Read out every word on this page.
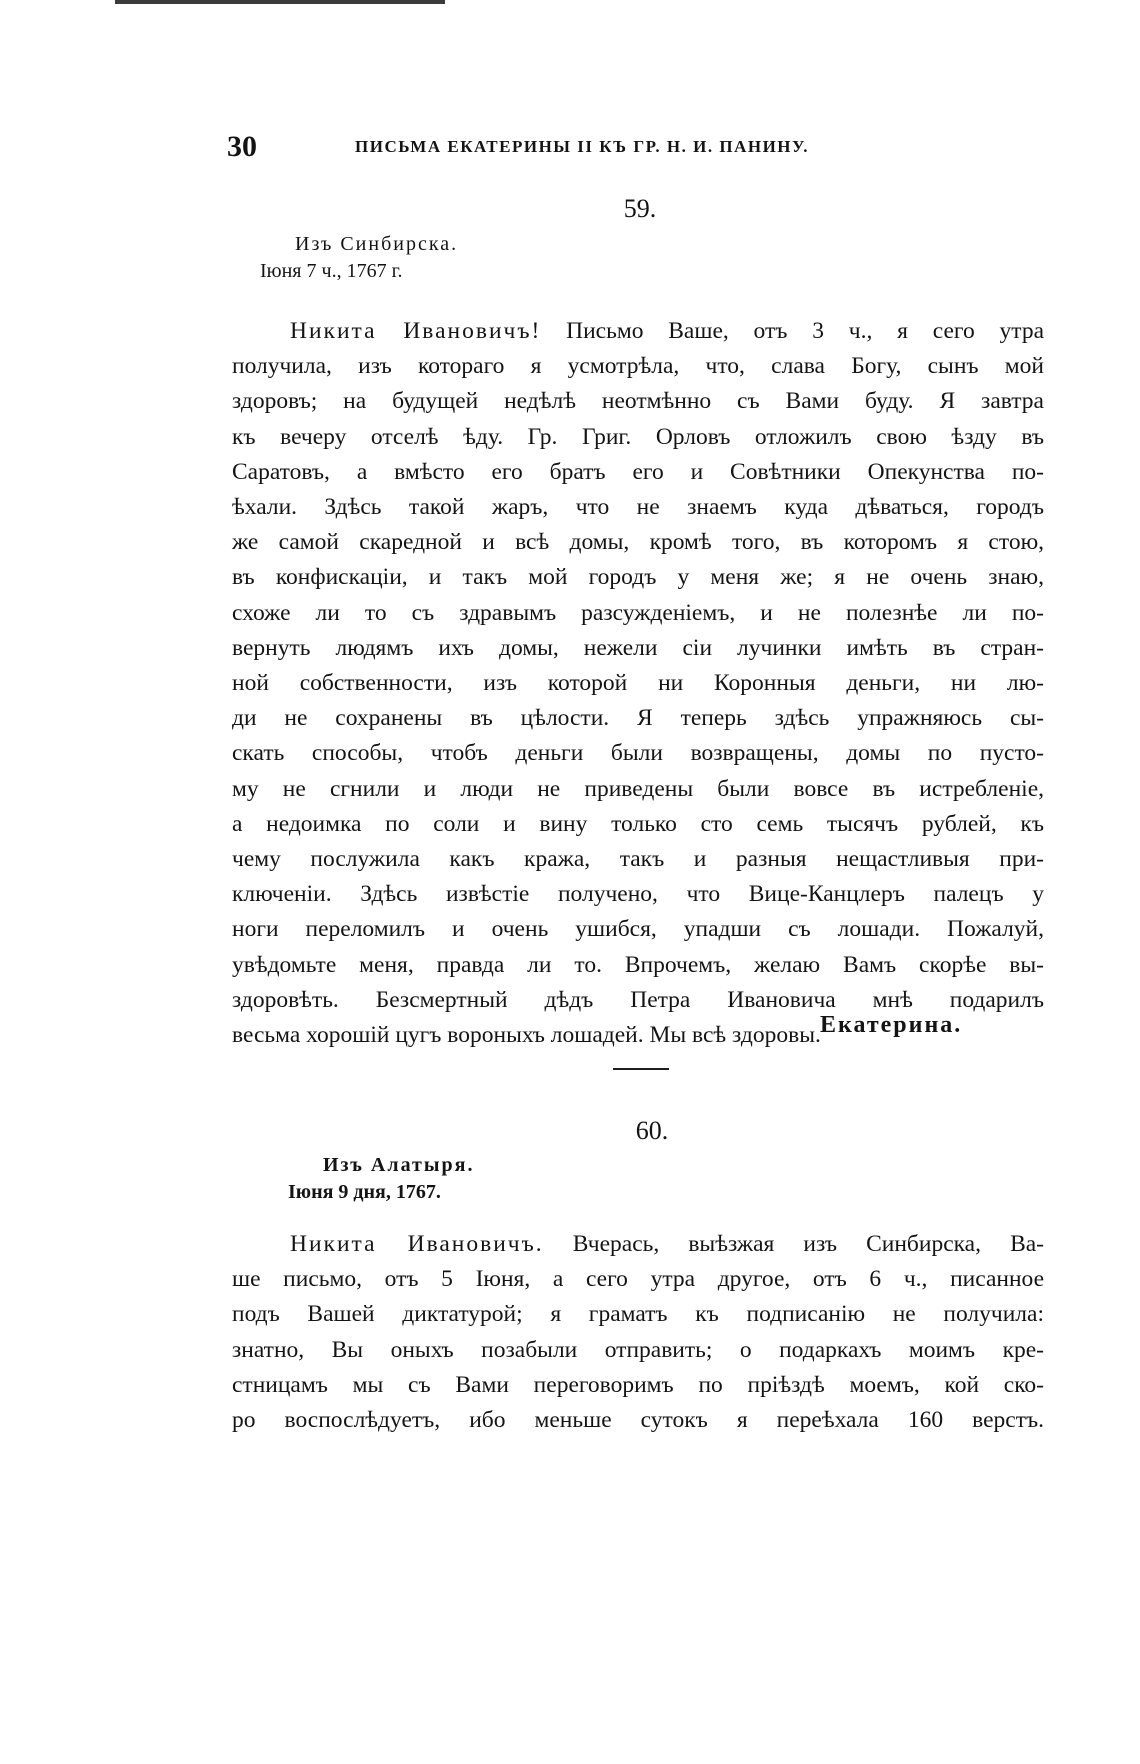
30	ПИСЬМА ЕКАТЕРИНЫ II КЪ ГР. Н. И. ПАНИНУ.
59.
Изъ Синбирска.
Iюня 7 ч., 1767 г.
Никита Ивановичъ! Письмо Ваше, отъ 3 ч., я сего утра
получила, изъ котораго я усмотрѣла, что, слава Богу, сынъ мой
здоровъ; на будущей недѣлѣ неотмѣнно съ Вами буду. Я завтра
къ вечеру отселѣ ѣду. Гр. Григ. Орловъ отложилъ свою ѣзду въ
Саратовъ, а вмѣсто его братъ его и Совѣтники Опекунства по-
ѣхали. Здѣсь такой жаръ, что не знаемъ куда дѣваться, городъ
же самой скаредной и всѣ домы, кромѣ того, въ которомъ я стою,
въ конфискацiи, и такъ мой городъ у меня же; я не очень знаю,
схоже ли то съ здравымъ разсужденiемъ, и не полезнѣе ли по-
вернуть людямъ ихъ домы, нежели сiи лучинки имѣть въ стран-
ной собственности, изъ которой ни Коронныя деньги, ни лю-
ди не сохранены въ цѣлости. Я теперь здѣсь упражняюсь сы-
скать способы, чтобъ деньги были возвращены, домы по пусто-
му не сгнили и люди не приведены были вовсе въ истребленiе,
а недоимка по соли и вину только сто семь тысячъ рублей, къ
чему послужила какъ кража, такъ и разныя нещастливыя при-
ключенiи. Здѣсь извѣстiе получено, что Вице-Канцлеръ палецъ у
ноги переломилъ и очень ушибся, упадши съ лошади. Пожалуй,
увѣдомьте меня, правда ли то. Впрочемъ, желаю Вамъ скорѣе вы-
здоровѣть. Безсмертный дѣдъ Петра Ивановича мнѣ подарилъ
весьма хорошiй цугъ вороныхъ лошадей. Мы всѣ здоровы. Екатерина.
60.
Изъ Алатыря.
Iюня 9 дня, 1767.
Никита Ивановичъ. Вчерась, выѣзжая изъ Синбирска, Ва-
ше письмо, отъ 5 Iюня, а сего утра другое, отъ 6 ч., писанное
подъ Вашей диктатурой; я граматъ къ подписанiю не получила:
знатно, Вы оныхъ позабыли отправить; о подаркахъ моимъ кре-
стницамъ мы съ Вами переговоримъ по прiѣздѣ моемъ, кой ско-
ро воспослѣдуетъ, ибо меньше сутокъ я переѣхала 160 верстъ.
